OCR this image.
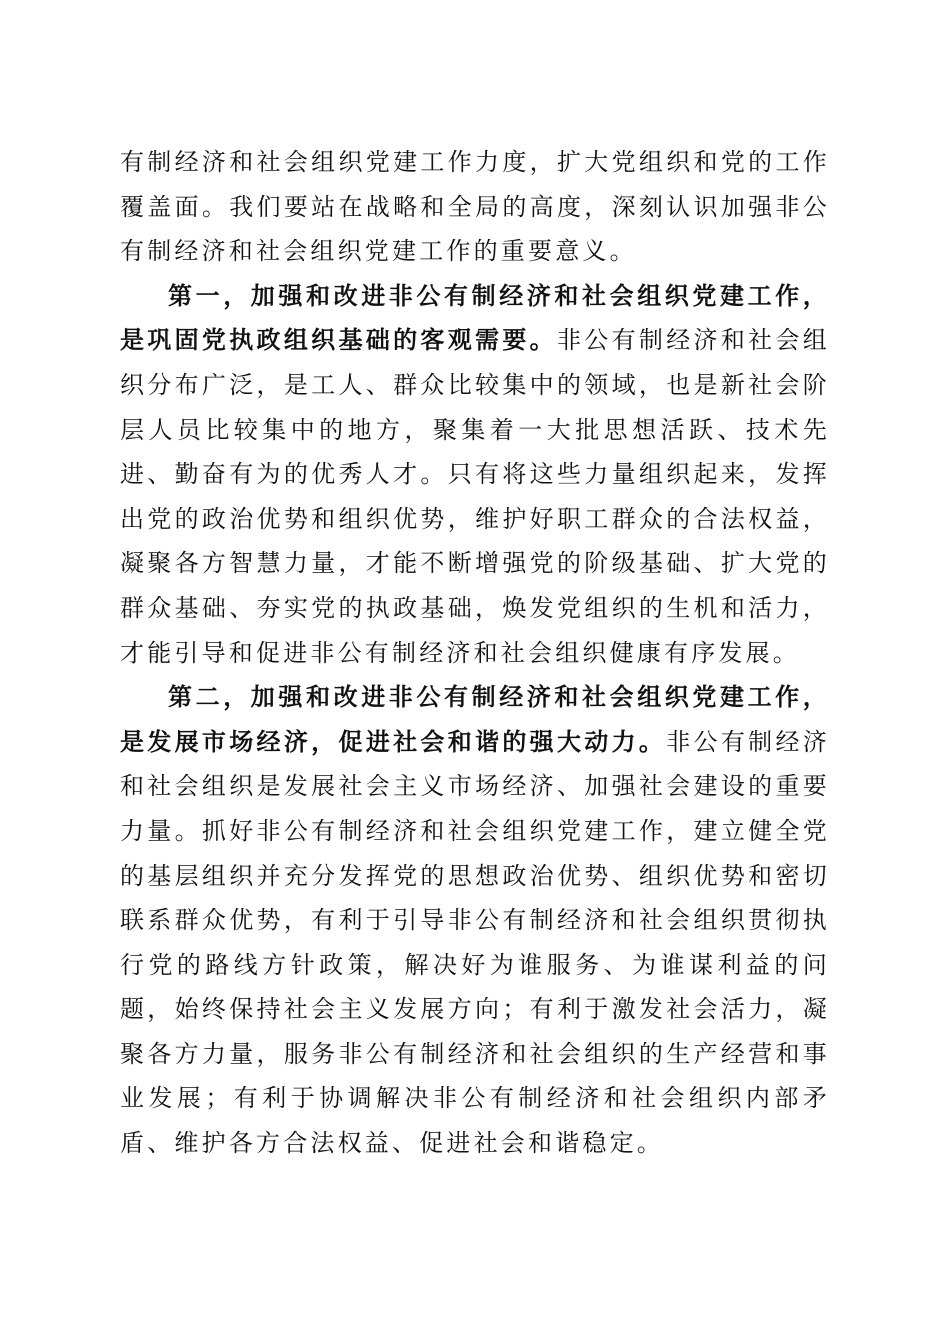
有制经济和社会组织党建工作力度，扩大党组织和党的工作覆盖面。我们要站在战略和全局的高度，深刻认识加强非公有制经济和社会组织党建工作的重要意义。

第一，加强和改进非公有制经济和社会组织党建工作，是巩固党执政组织基础的客观需要。非公有制经济和社会组织分布广泛，是工人、群众比较集中的领域，也是新社会阶层人员比较集中的地方，聚集着一大批思想活跃、技术先进、勤奋有为的优秀人才。只有将这些力量组织起来，发挥出党的政治优势和组织优势，维护好职工群众的合法权益，凝聚各方智慧力量，才能不断增强党的阶级基础、扩大党的群众基础、夯实党的执政基础，焕发党组织的生机和活力，才能引导和促进非公有制经济和社会组织健康有序发展。

第二，加强和改进非公有制经济和社会组织党建工作，是发展市场经济，促进社会和谐的强大动力。非公有制经济和社会组织是发展社会主义市场经济、加强社会建设的重要力量。抓好非公有制经济和社会组织党建工作，建立健全党的基层组织并充分发挥党的思想政治优势、组织优势和密切联系群众优势，有利于引导非公有制经济和社会组织贯彻执行党的路线方针政策，解决好为谁服务、为谁谋利益的问题，始终保持社会主义发展方向；有利于激发社会活力，凝聚各方力量，服务非公有制经济和社会组织的生产经营和事业发展；有利于协调解决非公有制经济和社会组织内部矛盾、维护各方合法权益、促进社会和谐稳定。
